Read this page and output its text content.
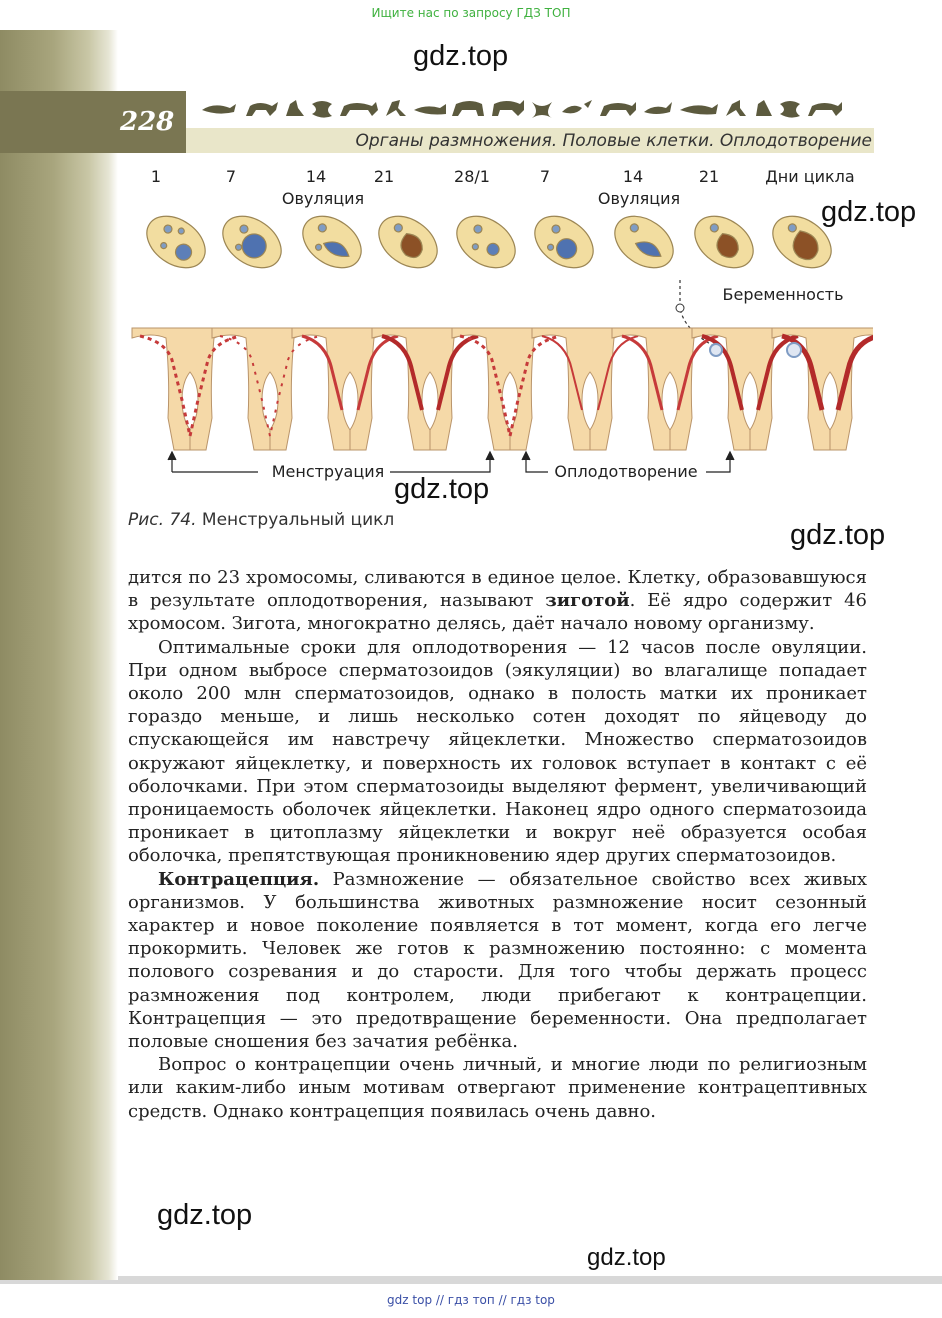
Ищите нас по запросу ГДЗ ТОП
228
Органы размножения. Половые клетки. Оплодотворение
1	7	14	21	28/1	7	14	21	Дни цикла
Овуляция	Овуляция
Беременность
Менструация	Оплодотворение
Рис. 74. Менструальный цикл

дится по 23 хромосомы, сливаются в единое целое. Клетку, образовавшуюся в результате оплодотворения, называют зиготой. Её ядро содержит 46 хромосом. Зигота, многократно делясь, даёт начало новому организму.

Оптимальные сроки для оплодотворения — 12 часов после овуляции. При одном выбросе сперматозоидов (эякуляции) во влагалище попадает около 200 млн сперматозоидов, однако в полость матки их проникает гораздо меньше, и лишь несколько сотен доходят по яйцеводу до спускающейся им навстречу яйцеклетки. Множество сперматозоидов окружают яйцеклетку, и поверхность их головок вступает в контакт с её оболочками. При этом сперматозоиды выделяют фермент, увеличивающий проницаемость оболочек яйцеклетки. Наконец ядро одного сперматозоида проникает в цитоплазму яйцеклетки и вокруг неё образуется особая оболочка, препятствующая проникновению ядер других сперматозоидов.

Контрацепция. Размножение — обязательное свойство всех живых организмов. У большинства животных размножение носит сезонный характер и новое поколение появляется в тот момент, когда его легче прокормить. Человек же готов к размножению постоянно: с момента полового созревания и до старости. Для того чтобы держать процесс размножения под контролем, люди прибегают к контрацепции. Контрацепция — это предотвращение беременности. Она предполагает половые сношения без зачатия ребёнка.

Вопрос о контрацепции очень личный, и многие люди по религиозным или каким-либо иным мотивам отвергают применение контрацептивных средств. Однако контрацепция появилась очень давно.

gdz.top
gdz.top
gdz.top
gdz.top
gdz.top
gdz.top
gdz top // гдз топ // гдз top
